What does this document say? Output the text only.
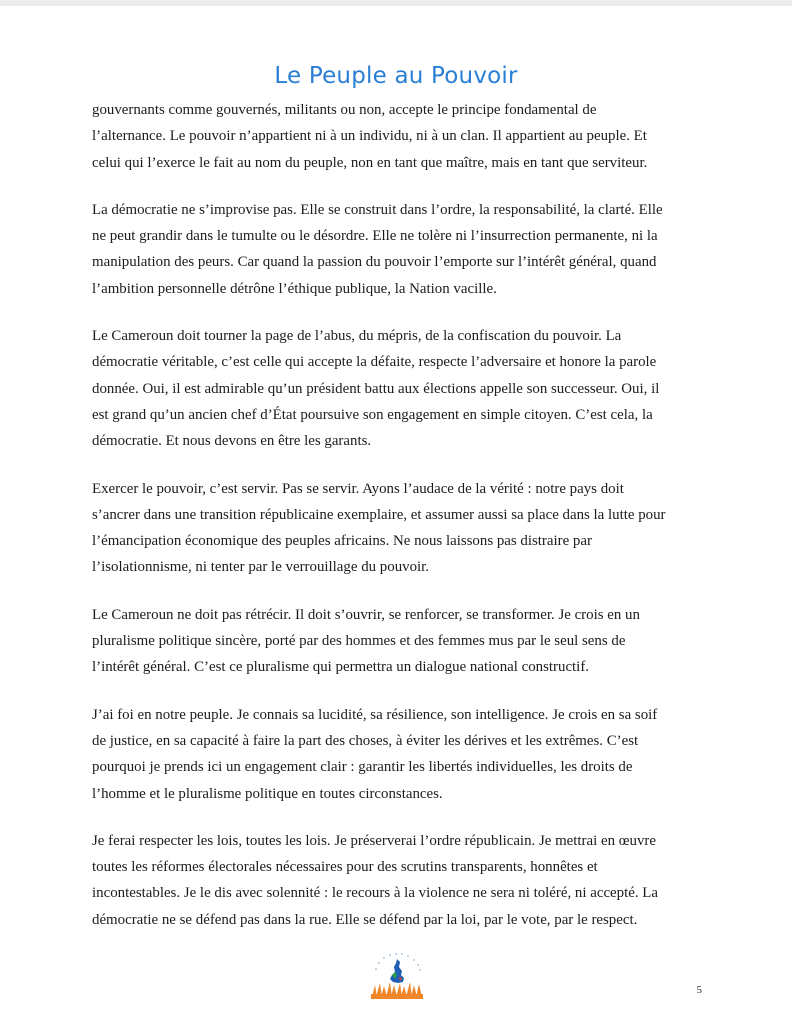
Le Peuple au Pouvoir

gouvernants comme gouvernés, militants ou non, accepte le principe fondamental de
l’alternance. Le pouvoir n’appartient ni à un individu, ni à un clan. Il appartient au peuple. Et
celui qui l’exerce le fait au nom du peuple, non en tant que maître, mais en tant que serviteur.

La démocratie ne s’improvise pas. Elle se construit dans l’ordre, la responsabilité, la clarté. Elle
ne peut grandir dans le tumulte ou le désordre. Elle ne tolère ni l’insurrection permanente, ni la
manipulation des peurs. Car quand la passion du pouvoir l’emporte sur l’intérêt général, quand
l’ambition personnelle détrône l’éthique publique, la Nation vacille.

Le Cameroun doit tourner la page de l’abus, du mépris, de la confiscation du pouvoir. La
démocratie véritable, c’est celle qui accepte la défaite, respecte l’adversaire et honore la parole
donnée. Oui, il est admirable qu’un président battu aux élections appelle son successeur. Oui, il
est grand qu’un ancien chef d’État poursuive son engagement en simple citoyen. C’est cela, la
démocratie. Et nous devons en être les garants.

Exercer le pouvoir, c’est servir. Pas se servir. Ayons l’audace de la vérité : notre pays doit
s’ancrer dans une transition républicaine exemplaire, et assumer aussi sa place dans la lutte pour
l’émancipation économique des peuples africains. Ne nous laissons pas distraire par
l’isolationnisme, ni tenter par le verrouillage du pouvoir.

Le Cameroun ne doit pas rétrécir. Il doit s’ouvrir, se renforcer, se transformer. Je crois en un
pluralisme politique sincère, porté par des hommes et des femmes mus par le seul sens de
l’intérêt général. C’est ce pluralisme qui permettra un dialogue national constructif.

J’ai foi en notre peuple. Je connais sa lucidité, sa résilience, son intelligence. Je crois en sa soif
de justice, en sa capacité à faire la part des choses, à éviter les dérives et les extrêmes. C’est
pourquoi je prends ici un engagement clair : garantir les libertés individuelles, les droits de
l’homme et le pluralisme politique en toutes circonstances.

Je ferai respecter les lois, toutes les lois. Je préserverai l’ordre républicain. Je mettrai en œuvre
toutes les réformes électorales nécessaires pour des scrutins transparents, honnêtes et
incontestables. Je le dis avec solennité : le recours à la violence ne sera ni toléré, ni accepté. La
démocratie ne se défend pas dans la rue. Elle se défend par la loi, par le vote, par le respect.

5
